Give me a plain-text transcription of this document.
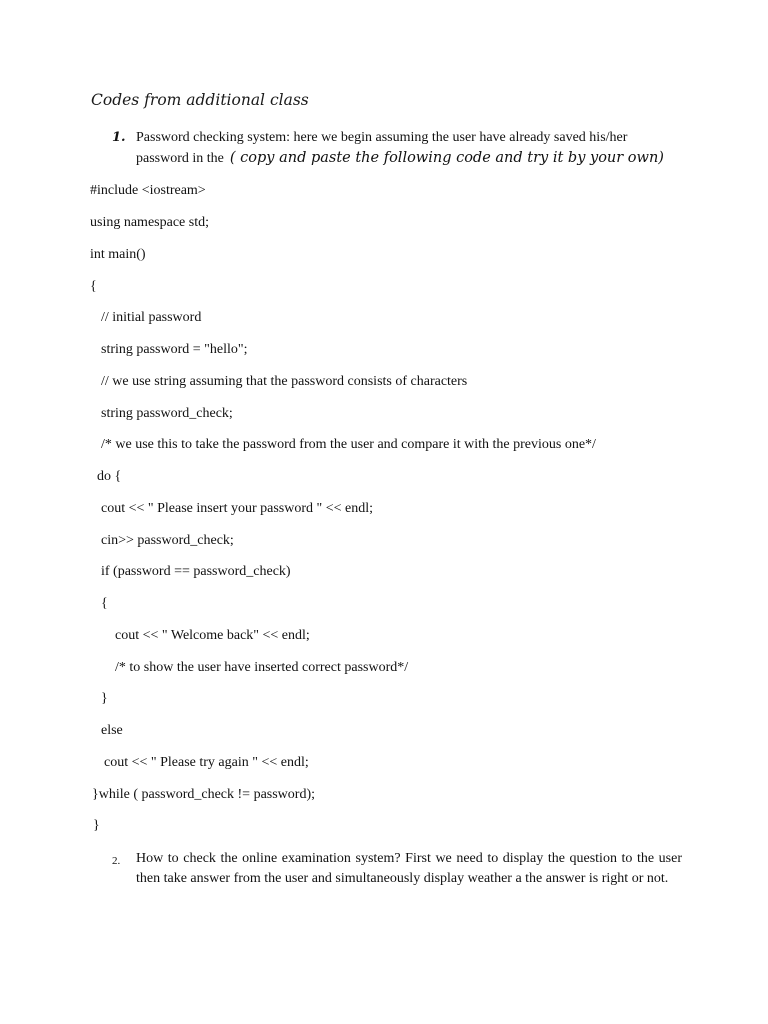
Codes from additional class
1. Password checking system: here we begin assuming the user have already saved his/her password in the ( copy and paste the following code and try it by your own)
#include <iostream>
using namespace std;
int main()
{
// initial password
string password = "hello";
// we use string assuming that the password consists of characters
string password_check;
/* we use this to take the password from the user and compare it with the previous one*/
do {
cout << " Please insert your password " << endl;
cin>> password_check;
if (password == password_check)
{
cout << " Welcome back" << endl;
/* to show the user have inserted correct password*/
}
else
cout << " Please try again " << endl;
}while ( password_check != password);
}
2. How to check the online examination system? First we need to display the question to the user then take answer from the user and simultaneously display weather a the answer is right or not.
